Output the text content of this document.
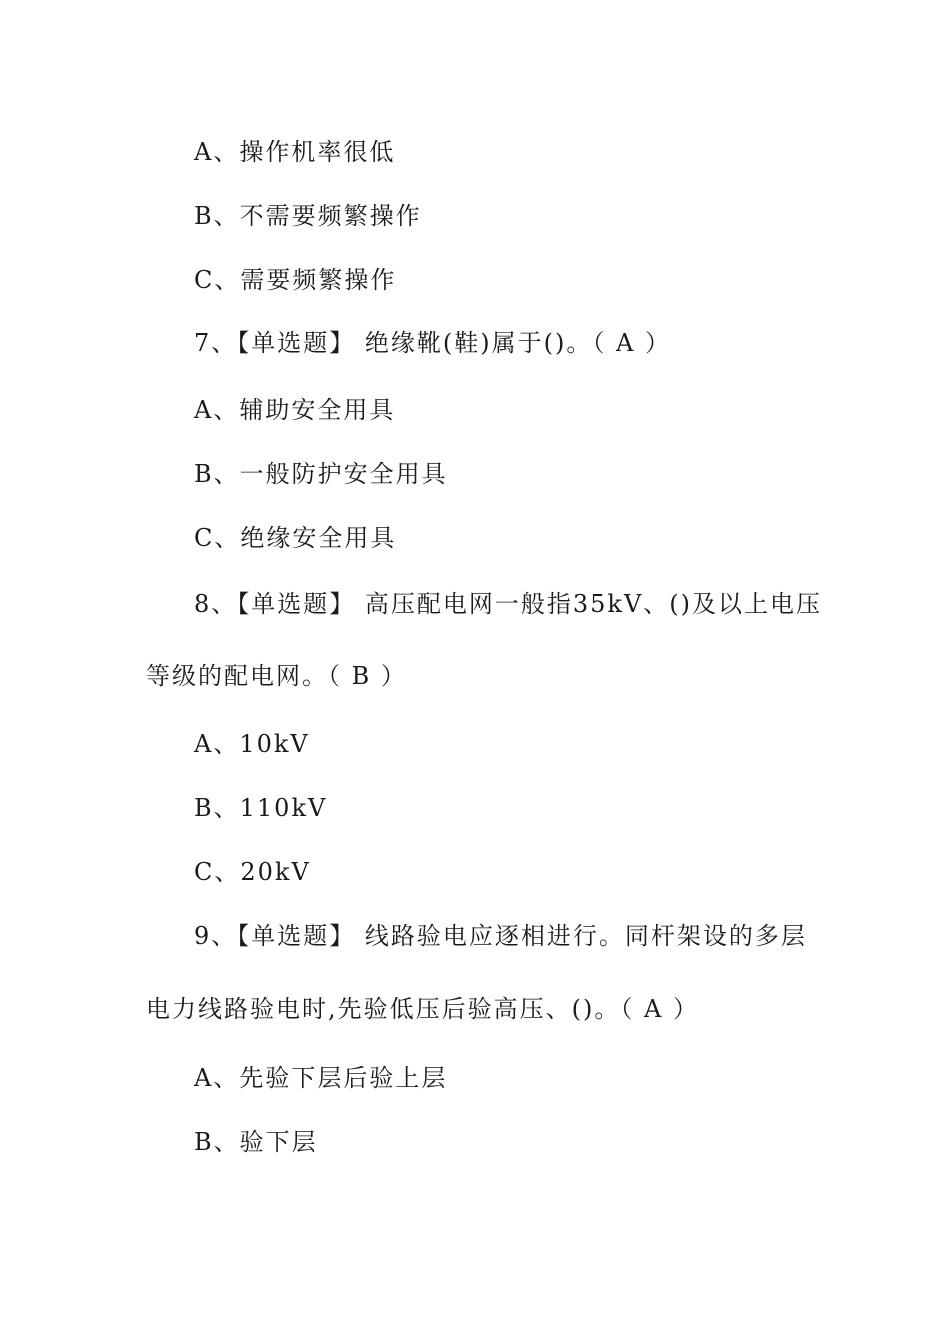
A、操作机率很低
B、不需要频繁操作
C、需要频繁操作
7、【单选题】 绝缘靴(鞋)属于()。（ A ）
A、辅助安全用具
B、一般防护安全用具
C、绝缘安全用具
8、【单选题】 高压配电网一般指35kV、()及以上电压
等级的配电网。（ B ）
A、10kV
B、110kV
C、20kV
9、【单选题】 线路验电应逐相进行。同杆架设的多层
电力线路验电时,先验低压后验高压、()。（ A ）
A、先验下层后验上层
B、验下层
